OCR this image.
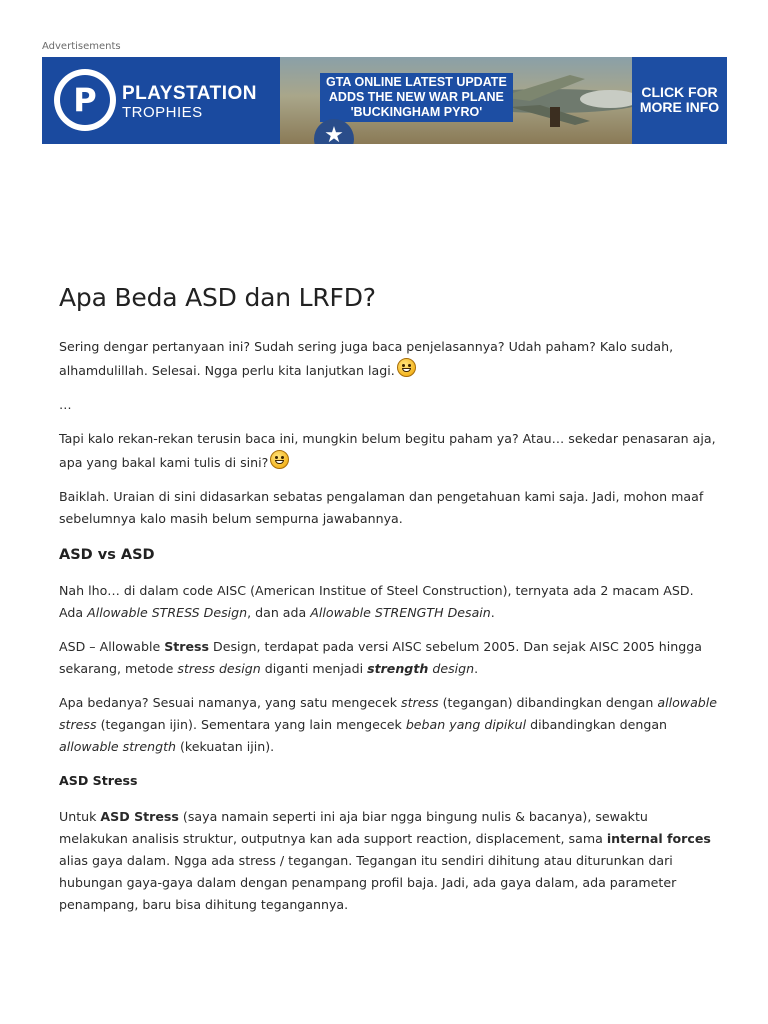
Advertisements
P	PLAYSTATION
TROPHIES
GTA ONLINE LATEST UPDATE
ADDS THE NEW WAR PLANE
'BUCKINGHAM PYRO'
★
CLICK FOR
MORE INFO
Apa Beda ASD dan LRFD?

Sering dengar pertanyaan ini? Sudah sering juga baca penjelasannya? Udah paham? Kalo sudah, alhamdulillah. Selesai. Ngga perlu kita lanjutkan lagi.

…

Tapi kalo rekan-rekan terusin baca ini, mungkin belum begitu paham ya? Atau… sekedar penasaran aja, apa yang bakal kami tulis di sini?

Baiklah. Uraian di sini didasarkan sebatas pengalaman dan pengetahuan kami saja. Jadi, mohon maaf sebelumnya kalo masih belum sempurna jawabannya.

ASD vs ASD

Nah lho… di dalam code AISC (American Institue of Steel Construction), ternyata ada 2 macam ASD. Ada Allowable STRESS Design, dan ada Allowable STRENGTH Desain.

ASD – Allowable Stress Design, terdapat pada versi AISC sebelum 2005. Dan sejak AISC 2005 hingga sekarang, metode stress design diganti menjadi strength design.

Apa bedanya? Sesuai namanya, yang satu mengecek stress (tegangan) dibandingkan dengan allowable stress (tegangan ijin). Sementara yang lain mengecek beban yang dipikul dibandingkan dengan allowable strength (kekuatan ijin).

ASD Stress

Untuk ASD Stress (saya namain seperti ini aja biar ngga bingung nulis & bacanya), sewaktu melakukan analisis struktur, outputnya kan ada support reaction, displacement, sama internal forces alias gaya dalam. Ngga ada stress / tegangan. Tegangan itu sendiri dihitung atau diturunkan dari hubungan gaya-gaya dalam dengan penampang profil baja. Jadi, ada gaya dalam, ada parameter penampang, baru bisa dihitung tegangannya.
